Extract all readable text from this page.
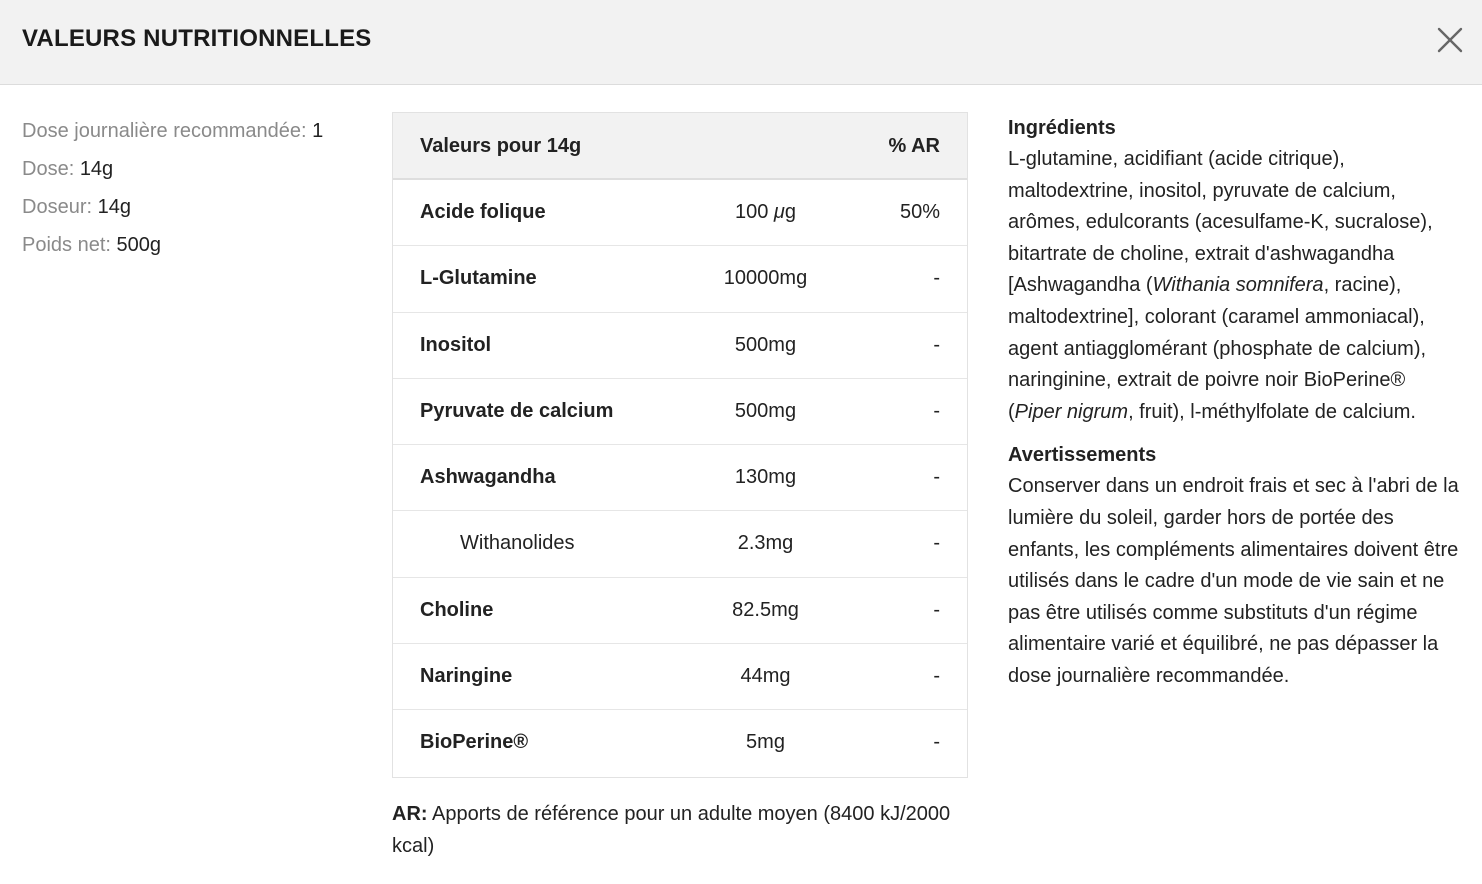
VALEURS NUTRITIONNELLES
Dose journalière recommandée: 1
Dose: 14g
Doseur: 14g
Poids net: 500g
Valeurs pour 14g	% AR
Acide folique	100 μg	50%
L-Glutamine	10000mg	-
Inositol	500mg	-
Pyruvate de calcium	500mg	-
Ashwagandha	130mg	-
Withanolides	2.3mg	-
Choline	82.5mg	-
Naringine	44mg	-
BioPerine®	5mg	-
AR: Apports de référence pour un adulte moyen (8400 kJ/2000 kcal)
Ingrédients
L-glutamine, acidifiant (acide citrique), maltodextrine, inositol, pyruvate de calcium, arômes, edulcorants (acesulfame-K, sucralose), bitartrate de choline, extrait d'ashwagandha [Ashwagandha (Withania somnifera, racine), maltodextrine], colorant (caramel ammoniacal), agent antiagglomérant (phosphate de calcium), naringinine, extrait de poivre noir BioPerine® (Piper nigrum, fruit), l-méthylfolate de calcium.
Avertissements
Conserver dans un endroit frais et sec à l'abri de la lumière du soleil, garder hors de portée des enfants, les compléments alimentaires doivent être utilisés dans le cadre d'un mode de vie sain et ne pas être utilisés comme substituts d'un régime alimentaire varié et équilibré, ne pas dépasser la dose journalière recommandée.
